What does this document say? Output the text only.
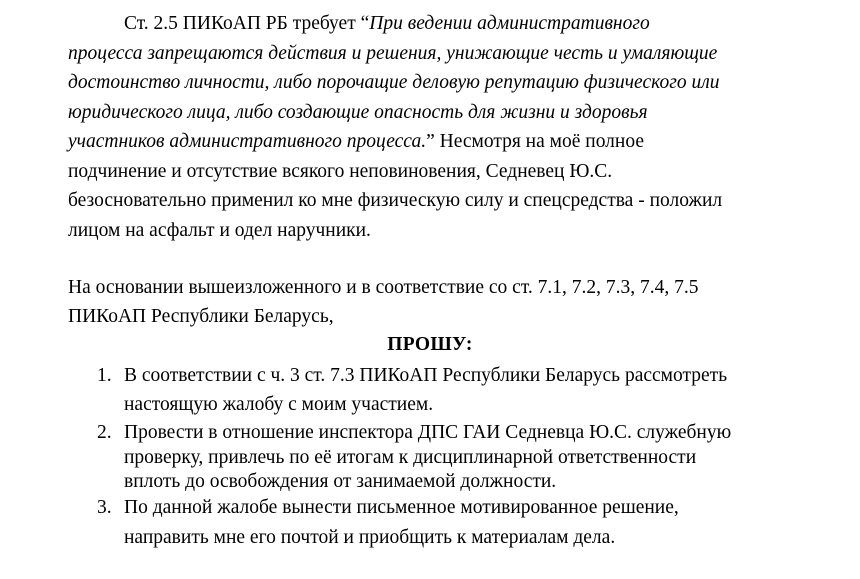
Ст. 2.5 ПИКоАП РБ требует “При ведении административного
процесса запрещаются действия и решения, унижающие честь и умаляющие
достоинство личности, либо порочащие деловую репутацию физического или
юридического лица, либо создающие опасность для жизни и здоровья
участников административного процесса.” Несмотря на моё полное
подчинение и отсутствие всякого неповиновения, Седневец Ю.С.
безосновательно применил ко мне физическую силу и спецсредства - положил
лицом на асфальт и одел наручники.
На основании вышеизложенного и в соответствие со ст. 7.1, 7.2, 7.3, 7.4, 7.5
ПИКоАП Республики Беларусь,
ПРОШУ:
1. В соответствии с ч. 3 ст. 7.3 ПИКоАП Республики Беларусь рассмотреть
настоящую жалобу с моим участием.
2. Провести в отношение инспектора ДПС ГАИ Седневца Ю.С. служебную
проверку, привлечь по её итогам к дисциплинарной ответственности
вплоть до освобождения от занимаемой должности.
3. По данной жалобе вынести письменное мотивированное решение,
направить мне его почтой и приобщить к материалам дела.
